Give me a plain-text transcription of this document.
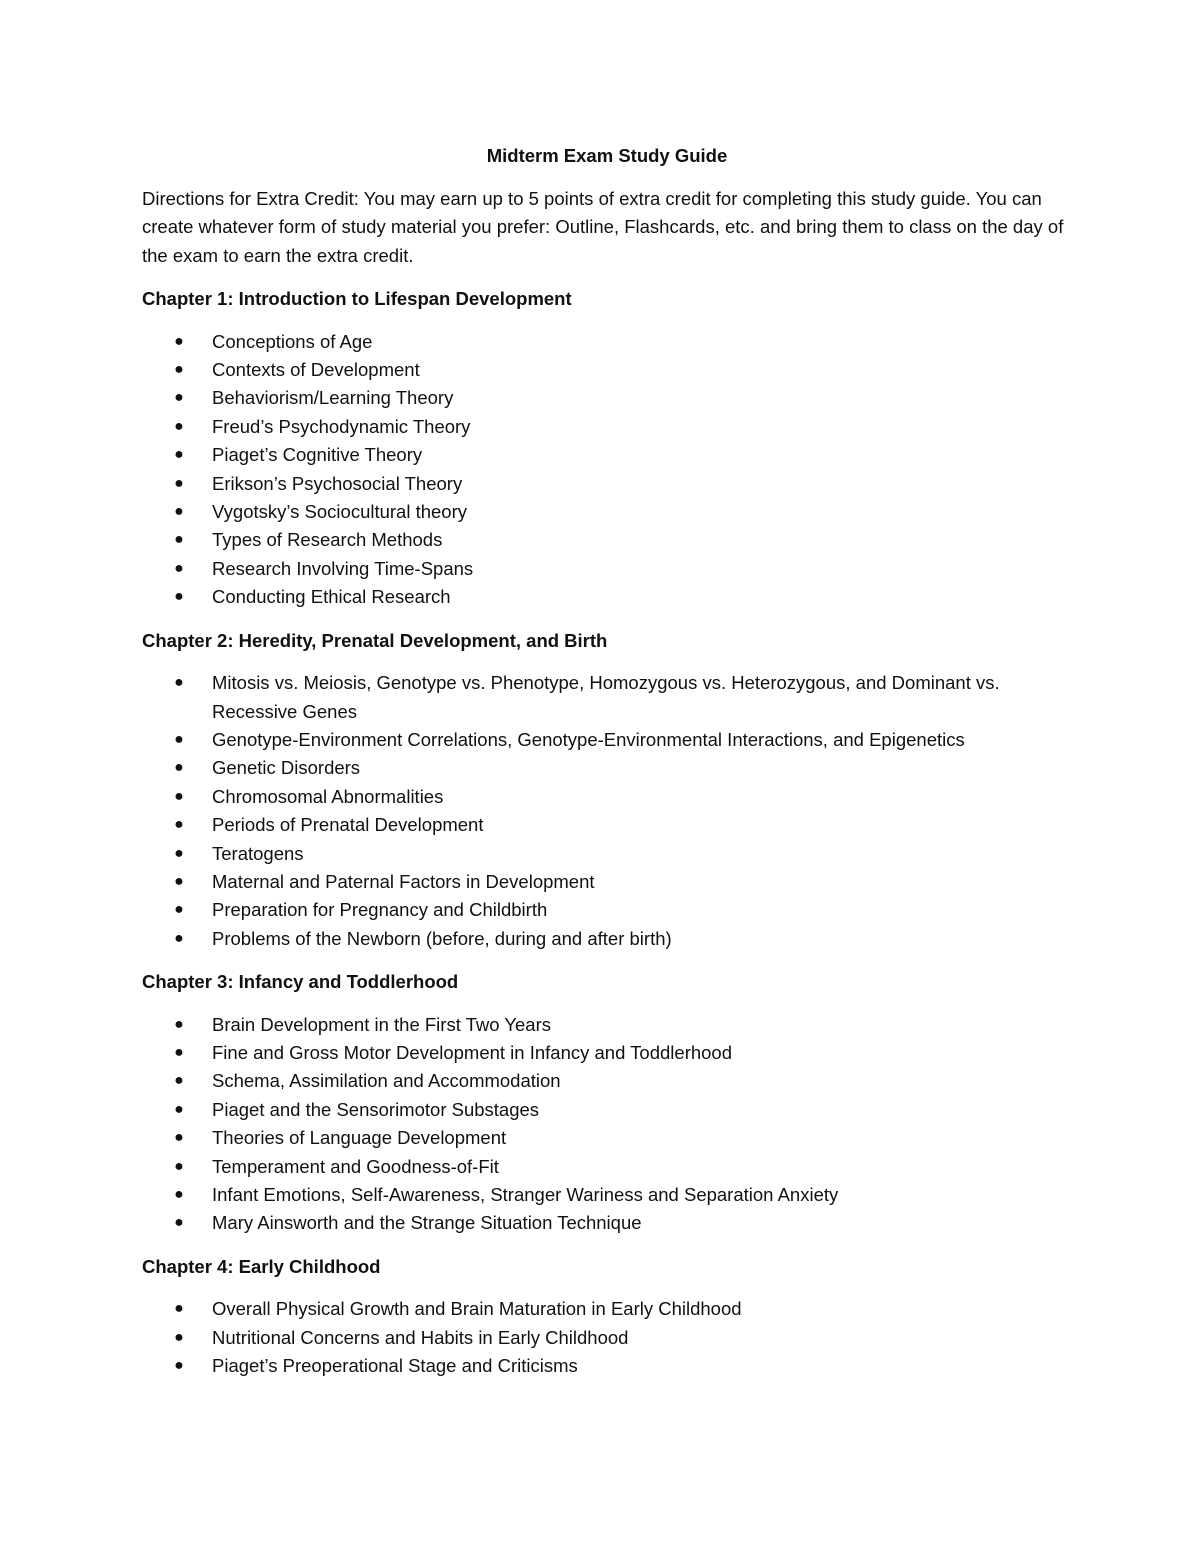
Midterm Exam Study Guide
Directions for Extra Credit: You may earn up to 5 points of extra credit for completing this study guide. You can create whatever form of study material you prefer: Outline, Flashcards, etc. and bring them to class on the day of the exam to earn the extra credit.
Chapter 1: Introduction to Lifespan Development
● Conceptions of Age
● Contexts of Development
● Behaviorism/Learning Theory
● Freud’s Psychodynamic Theory
● Piaget’s Cognitive Theory
● Erikson’s Psychosocial Theory
● Vygotsky’s Sociocultural theory
● Types of Research Methods
● Research Involving Time-Spans
● Conducting Ethical Research
Chapter 2: Heredity, Prenatal Development, and Birth
● Mitosis vs. Meiosis, Genotype vs. Phenotype, Homozygous vs. Heterozygous, and Dominant vs. Recessive Genes
● Genotype-Environment Correlations, Genotype-Environmental Interactions, and Epigenetics
● Genetic Disorders
● Chromosomal Abnormalities
● Periods of Prenatal Development
● Teratogens
● Maternal and Paternal Factors in Development
● Preparation for Pregnancy and Childbirth
● Problems of the Newborn (before, during and after birth)
Chapter 3: Infancy and Toddlerhood
● Brain Development in the First Two Years
● Fine and Gross Motor Development in Infancy and Toddlerhood
● Schema, Assimilation and Accommodation
● Piaget and the Sensorimotor Substages
● Theories of Language Development
● Temperament and Goodness-of-Fit
● Infant Emotions, Self-Awareness, Stranger Wariness and Separation Anxiety
● Mary Ainsworth and the Strange Situation Technique
Chapter 4: Early Childhood
● Overall Physical Growth and Brain Maturation in Early Childhood
● Nutritional Concerns and Habits in Early Childhood
● Piaget’s Preoperational Stage and Criticisms
